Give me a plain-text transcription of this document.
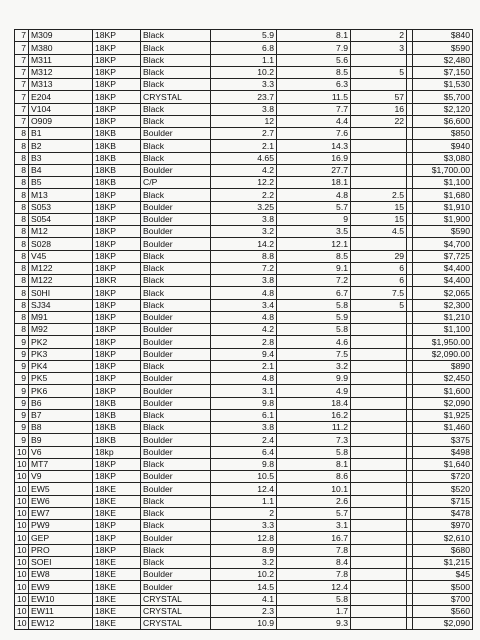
7	M309	18KP	Black	5.9	8.1	2		$840
7	M380	18KP	Black	6.8	7.9	3		$590
7	M311	18KP	Black	1.1	5.6			$2,480
7	M312	18KP	Black	10.2	8.5	5		$7,150
7	M313	18KP	Black	3.3	6.3			$1,530
7	E204	18KP	CRYSTAL	23.7	11.5	57		$5,700
7	V104	18KP	Black	3.8	7.7	16		$2,120
7	O909	18KP	Black	12	4.4	22		$6,600
8	B1	18KB	Boulder	2.7	7.6			$850
8	B2	18KB	Black	2.1	14.3			$940
8	B3	18KB	Black	4.65	16.9			$3,080
8	B4	18KB	Boulder	4.2	27.7			$1,700.00
8	B5	18KB	C/P	12.2	18.1			$1,100
8	M13	18KP	Black	2.2	4.8	2.5		$1,680
8	S053	18KP	Boulder	3.25	5.7	15		$1,910
8	S054	18KP	Boulder	3.8	9	15		$1,900
8	M12	18KP	Boulder	3.2	3.5	4.5		$590
8	S028	18KP	Boulder	14.2	12.1			$4,700
8	V45	18KP	Black	8.8	8.5	29		$7,725
8	M122	18KP	Black	7.2	9.1	6		$4,400
8	M122	18KR	Black	3.8	7.2	6		$4,400
8	S0HI	18KP	Black	4.8	6.7	7.5		$2,065
8	SJ34	18KP	Black	3.4	5.8	5		$2,300
8	M91	18KP	Boulder	4.8	5.9			$1,210
8	M92	18KP	Boulder	4.2	5.8			$1,100
9	PK2	18KP	Boulder	2.8	4.6			$1,950.00
9	PK3	18KP	Boulder	9.4	7.5			$2,090.00
9	PK4	18KP	Black	2.1	3.2			$890
9	PK5	18KP	Boulder	4.8	9.9			$2,450
9	PK6	18KP	Boulder	3.1	4.9			$1,600
9	B6	18KB	Boulder	9.8	18.4			$2,090
9	B7	18KB	Black	6.1	16.2			$1,925
9	B8	18KB	Black	3.8	11.2			$1,460
9	B9	18KB	Boulder	2.4	7.3			$375
10	V6	18kp	Boulder	6.4	5.8			$498
10	MT7	18KP	Black	9.8	8.1			$1,640
10	V9	18KP	Boulder	10.5	8.6			$720
10	EW5	18KE	Boulder	12.4	10.1			$520
10	EW6	18KE	Black	1.1	2.6			$715
10	EW7	18KE	Black	2	5.7			$478
10	PW9	18KP	Black	3.3	3.1			$970
10	GEP	18KP	Boulder	12.8	16.7			$2,610
10	PRO	18KP	Black	8.9	7.8			$680
10	SOEI	18KE	Black	3.2	8.4			$1,215
10	EW8	18KE	Boulder	10.2	7.8			$45
10	EW9	18KE	Boulder	14.5	12.4			$500
10	EW10	18KE	CRYSTAL	4.1	5.8			$700
10	EW11	18KE	CRYSTAL	2.3	1.7			$560
10	EW12	18KE	CRYSTAL	10.9	9.3			$2,090
